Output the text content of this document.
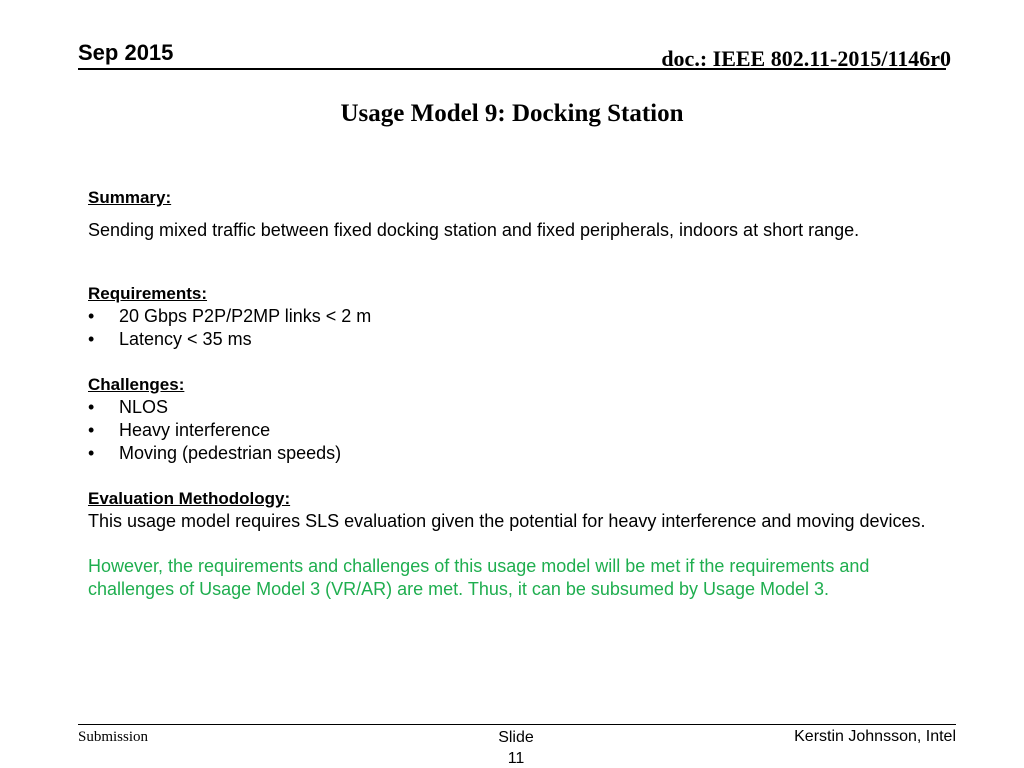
Sep 2015	doc.: IEEE 802.11-2015/1146r0
Usage Model 9: Docking Station

Summary:

Sending mixed traffic between fixed docking station and fixed peripherals, indoors at short range.

Requirements:

• 20 Gbps P2P/P2MP links < 2 m
• Latency < 35 ms

Challenges:

• NLOS
• Heavy interference
• Moving (pedestrian speeds)

Evaluation Methodology:

This usage model requires SLS evaluation given the potential for heavy interference and moving devices.

However, the requirements and challenges of this usage model will be met if the requirements and challenges of Usage Model 3 (VR/AR) are met. Thus, it can be subsumed by Usage Model 3.

Submission	Slide
11
Kerstin Johnsson, Intel
